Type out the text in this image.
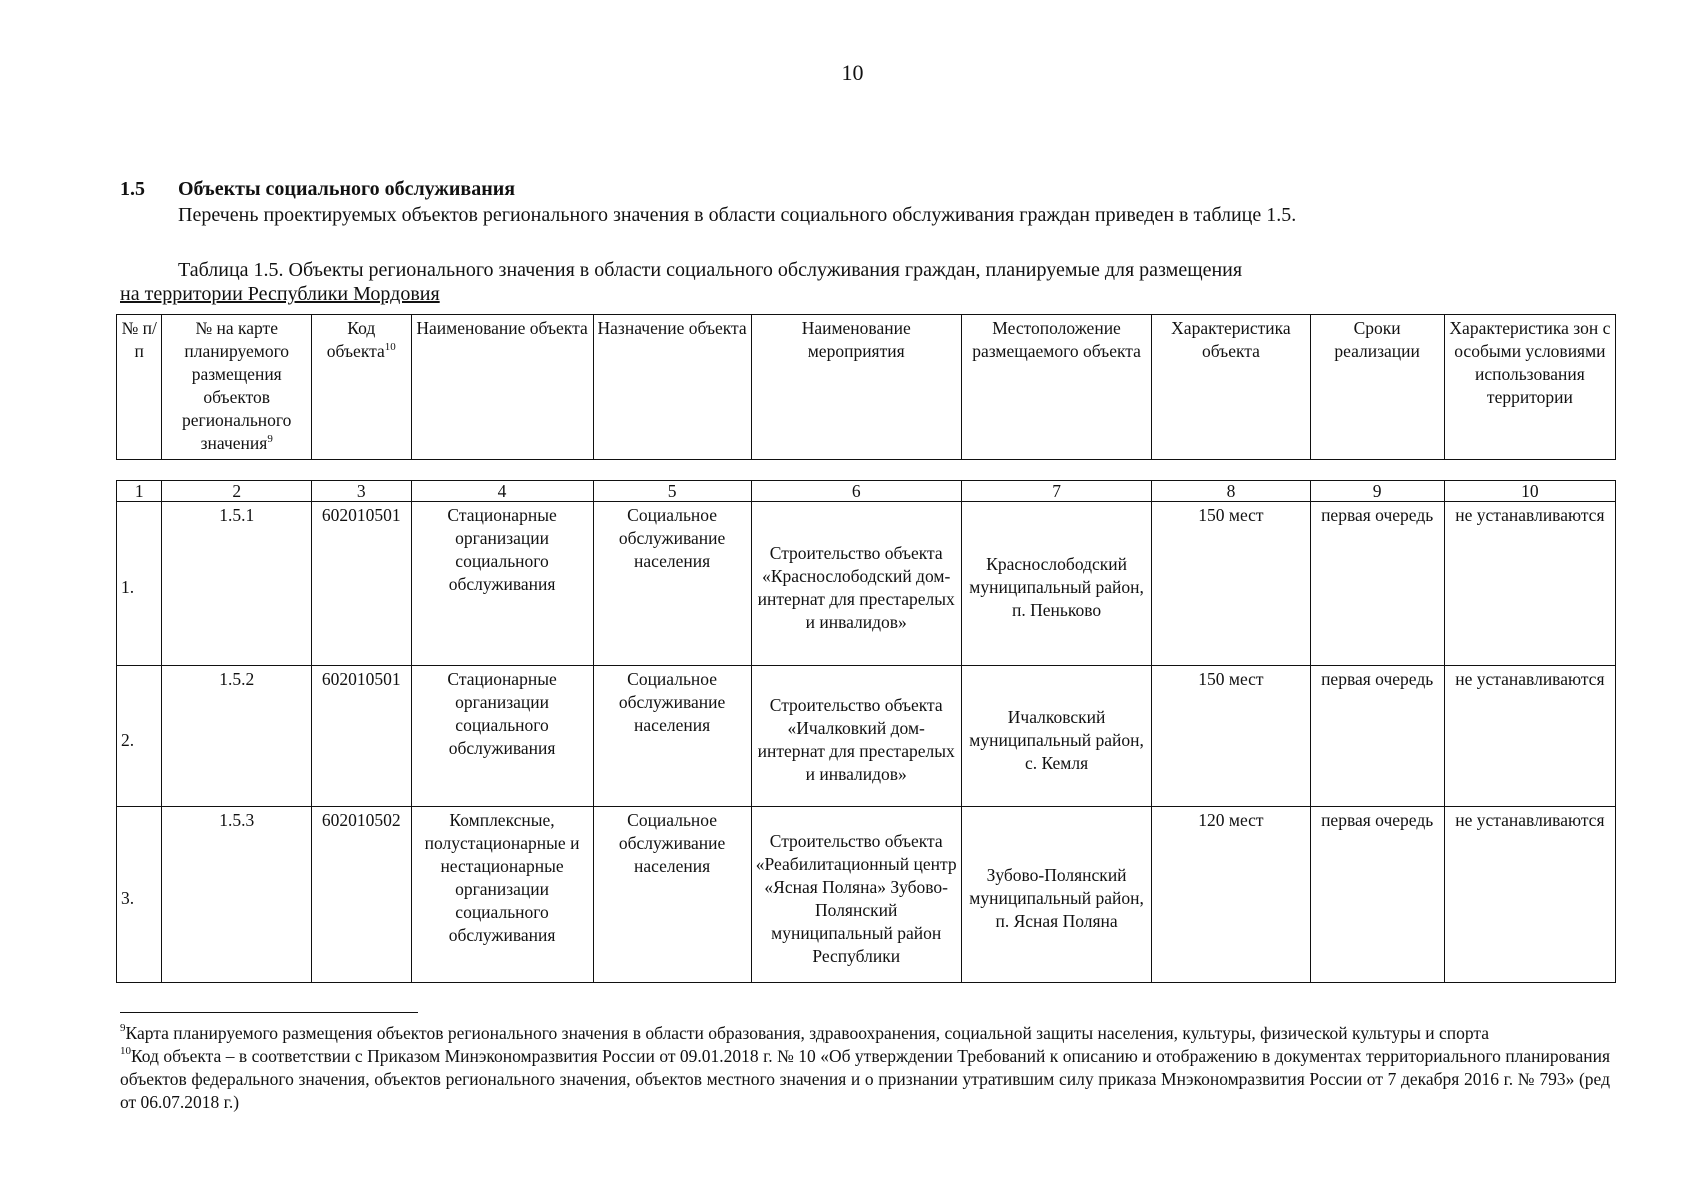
10
1.5 Объекты социального обслуживания
Перечень проектируемых объектов регионального значения в области социального обслуживания граждан приведен в таблице 1.5.
Таблица 1.5. Объекты регионального значения в области социального обслуживания граждан, планируемые для размещения
на территории Республики Мордовия
№ п/п	№ на карте планируемого размещения объектов регионального значения$^9$	Код объекта$^{10}$	Наименование объекта	Назначение объекта	Наименование мероприятия	Местоположение размещаемого объекта	Характеристика объекта	Сроки реализации	Характеристика зон с особыми условиями использования территории
1	2	3	4	5	6	7	8	9	10
1.	1.5.1	602010501	Стационарные организации социального обслуживания	Социальное обслуживание населения	Строительство объекта «Краснослободский дом-интернат для престарелых и инвалидов»	Краснослободский муниципальный район, п. Пеньково	150 мест	первая очередь	не устанавливаются
2.	1.5.2	602010501	Стационарные организации социального обслуживания	Социальное обслуживание населения	Строительство объекта «Ичалковкий дом-интернат для престарелых и инвалидов»	Ичалковский муниципальный район, с. Кемля	150 мест	первая очередь	не устанавливаются
3.	1.5.3	602010502	Комплексные, полустационарные и нестационарные организации социального обслуживания	Социальное обслуживание населения	Строительство объекта «Реабилитационный центр «Ясная Поляна» Зубово-Полянский муниципальный район Республики	Зубово-Полянский муниципальный район, п. Ясная Поляна	120 мест	первая очередь	не устанавливаются

$^9$Карта планируемого размещения объектов регионального значения в области образования, здравоохранения, социальной защиты населения, культуры, физической культуры и спорта

$^{10}$Код объекта – в соответствии с Приказом Минэкономразвития России от 09.01.2018 г. № 10 «Об утверждении Требований к описанию и отображению в документах территориального планирования объектов федерального значения, объектов регионального значения, объектов местного значения и о признании утратившим силу приказа Мнэкономразвития России от 7 декабря 2016 г. № 793» (ред от 06.07.2018 г.)
